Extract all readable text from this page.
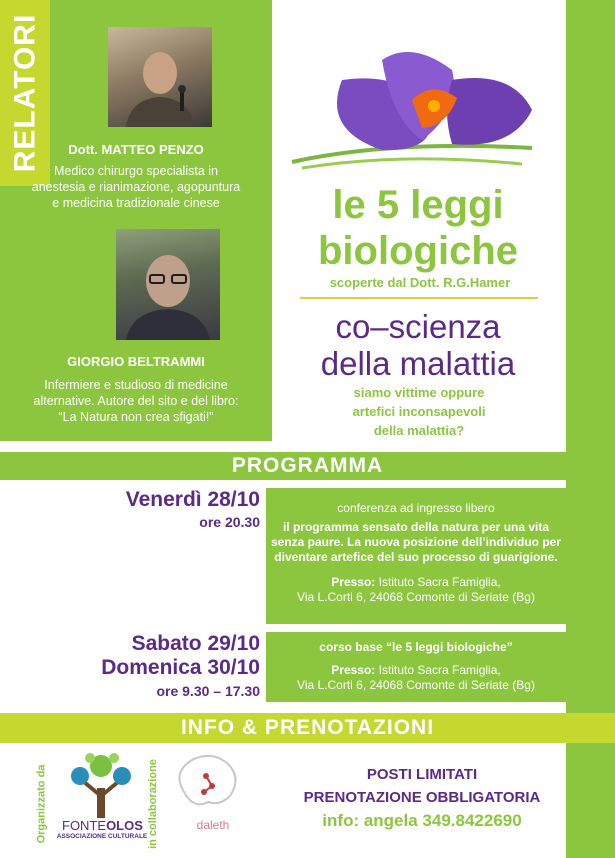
RELATORI	Dott. MATTEO PENZO
Medico chirurgo specialista in
anestesia e rianimazione, agopuntura
e medicina tradizionale cinese
GIORGIO BELTRAMMI
Infermiere e studioso di medicine
alternative. Autore del sito e del libro:
“La Natura non crea sfigati!”
le 5 leggi
biologiche
scoperte dal Dott. R.G.Hamer
co–scienza
della malattia
siamo vittime oppure
artefici inconsapevoli
della malattia?
PROGRAMMA
Venerdì 28/10
ore 20.30
conferenza ad ingresso libero
il programma sensato della natura per una vita
senza paure. La nuova posizione dell’individuo per
diventare artefice del suo processo di guarigione.
Presso: Istituto Sacra Famiglia,
Via L.Corti 6, 24068 Comonte di Seriate (Bg)
Sabato 29/10
Domenica 30/10
ore 9.30 – 17.30
corso base “le 5 leggi biologiche”
Presso: Istituto Sacra Famiglia,
Via L.Corti 6, 24068 Comonte di Seriate (Bg)
INFO & PRENOTAZIONI
Organizzato da FONTEOLOS
ASSOCIAZIONE CULTURALE in collaborazione	daleth
POSTI LIMITATI
PRENOTAZIONE OBBLIGATORIA
info: angela 349.8422690
